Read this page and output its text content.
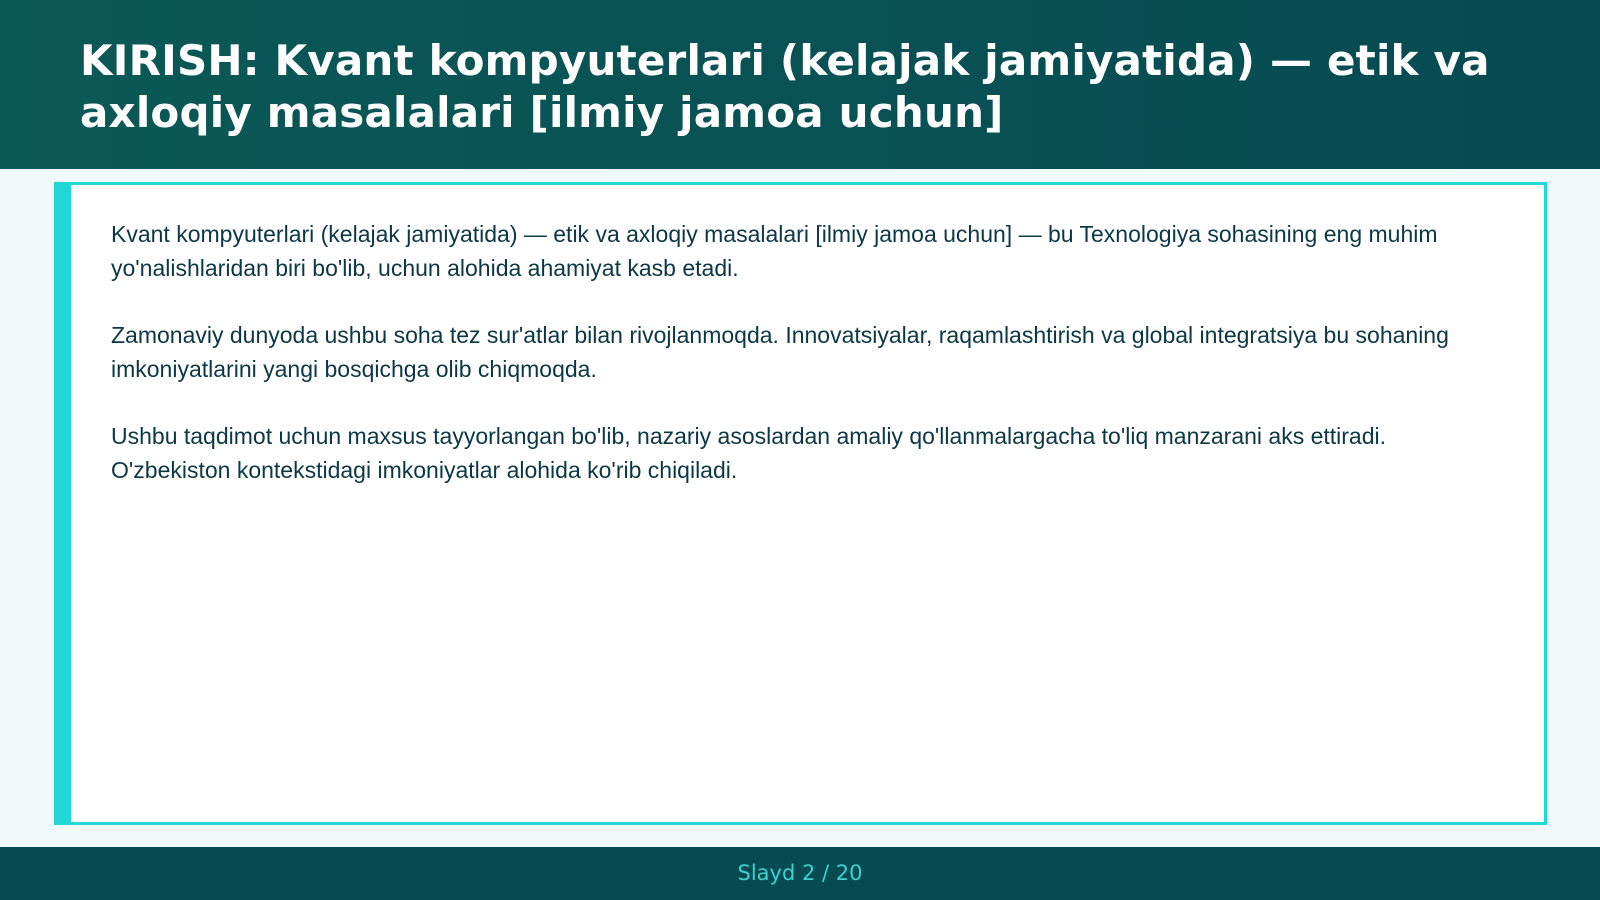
KIRISH: Kvant kompyuterlari (kelajak jamiyatida) — etik va axloqiy masalalari [ilmiy jamoa uchun]

Kvant kompyuterlari (kelajak jamiyatida) — etik va axloqiy masalalari [ilmiy jamoa uchun] — bu Texnologiya sohasining eng muhim yo'nalishlaridan biri bo'lib, uchun alohida ahamiyat kasb etadi.

Zamonaviy dunyoda ushbu soha tez sur'atlar bilan rivojlanmoqda. Innovatsiyalar, raqamlashtirish va global integratsiya bu sohaning imkoniyatlarini yangi bosqichga olib chiqmoqda.

Ushbu taqdimot uchun maxsus tayyorlangan bo'lib, nazariy asoslardan amaliy qo'llanmalargacha to'liq manzarani aks ettiradi. O'zbekiston kontekstidagi imkoniyatlar alohida ko'rib chiqiladi.

Slayd 2 / 20
